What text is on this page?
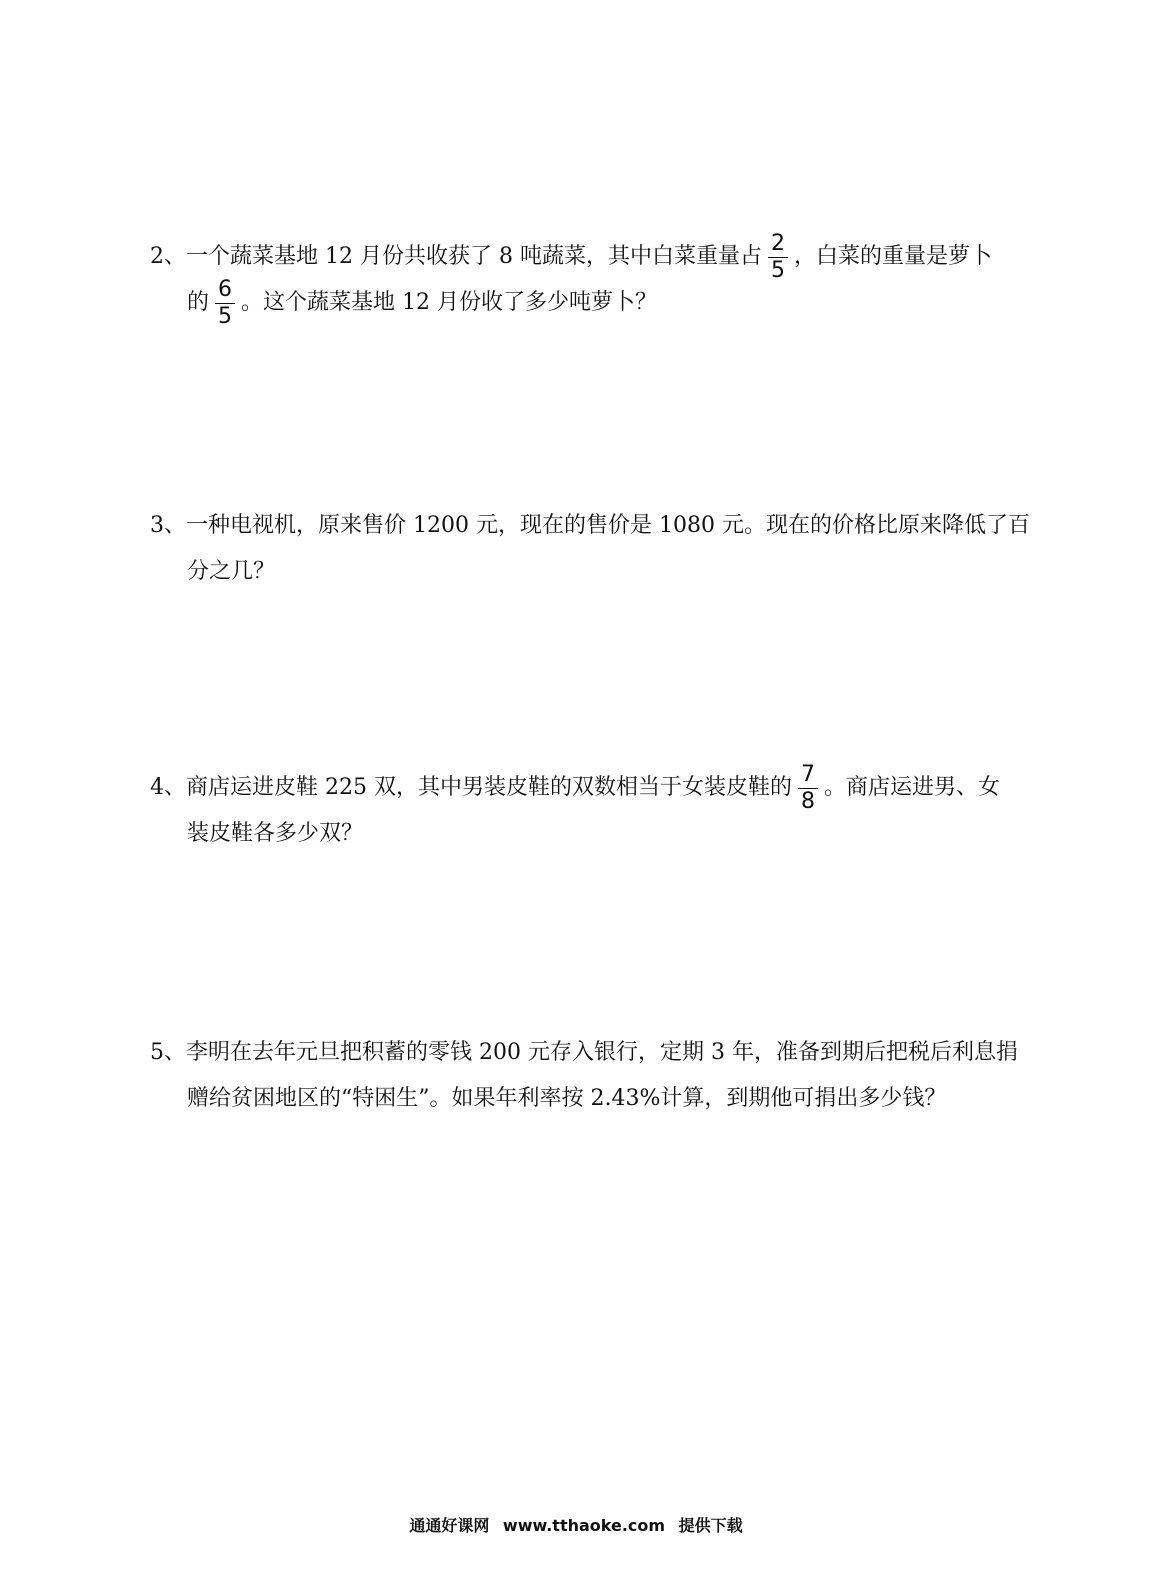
2、 一个蔬菜基地 12 月份共收获了 8 吨蔬菜，其中白菜重量占 $\frac{2}{5}$ ，白菜的重量是萝卜
的 $\frac{6}{5}$ 。这个蔬菜基地 12 月份收了多少吨萝卜？
3、 一种电视机，原来售价 1200 元，现在的售价是 1080 元。现在的价格比原来降低了百
分之几？
4、 商店运进皮鞋 225 双，其中男装皮鞋的双数相当于女装皮鞋的 $\frac{7}{8}$ 。商店运进男、女
装皮鞋各多少双？
5、 李明在去年元旦把积蓄的零钱 200 元存入银行，定期 3 年，准备到期后把税后利息捐
赠给贫困地区的“特困生”。如果年利率按 2.43%计算，到期他可捐出多少钱？
通通好课网 www.tthaoke.com 提供下载
